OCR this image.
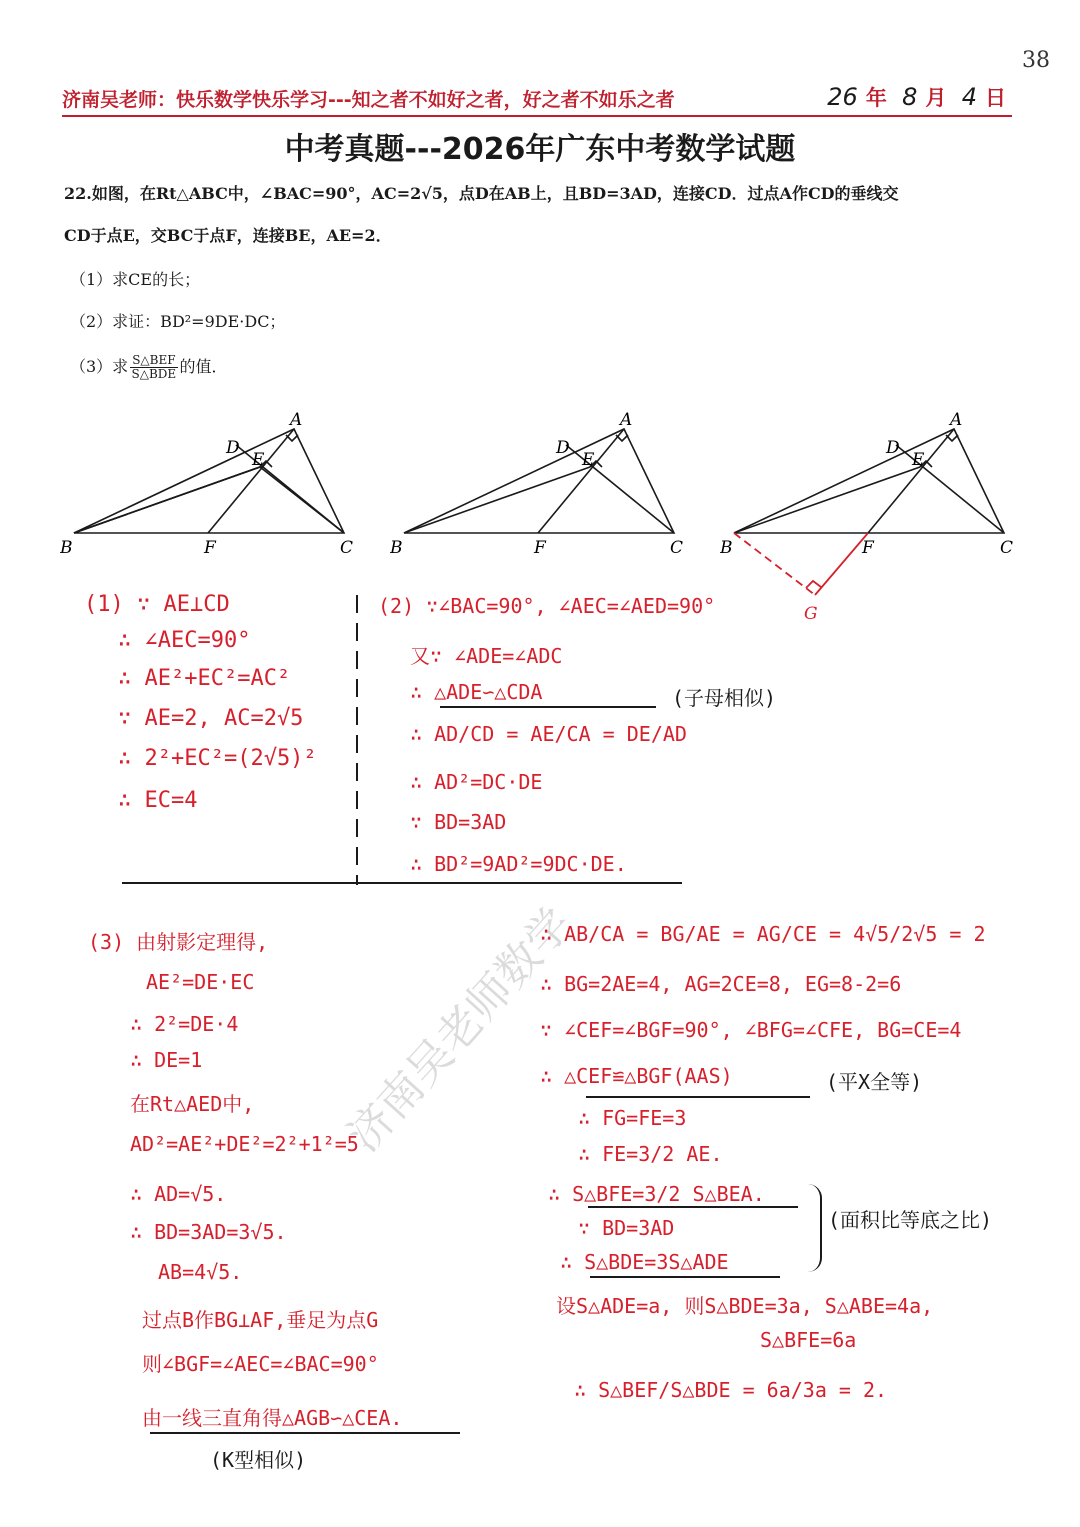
38
济南吴老师：快乐数学快乐学习---知之者不如好之者，好之者不如乐之者	26 年 8 月 4 日
中考真题---2026年广东中考数学试题
22.如图，在Rt△ABC中，∠BAC=90°，AC=2√5，点D在AB上，且BD=3AD，连接CD．过点A作CD的垂线交
CD于点E，交BC于点F，连接BE，AE=2．
（1）求CE的长；
（2）求证：BD²=9DE·DC；
（3）求 $\frac{\text{S△BEF}}{\text{S△BDE}}$ 的值．
B	F	C
A
D
E
B	F	C
A
D
E
B	F	C
A
D
E
G
(1) ∵ AE⊥CD
∴ ∠AEC=90°
∴ AE²+EC²=AC²
∵ AE=2, AC=2√5
∴ 2²+EC²=(2√5)²
∴ EC=4
(2) ∵∠BAC=90°, ∠AEC=∠AED=90°
又∵ ∠ADE=∠ADC
∴ △ADE∽△CDA	(子母相似)
∴ AD/CD = AE/CA = DE/AD
∴ AD²=DC·DE
∵ BD=3AD
∴ BD²=9AD²=9DC·DE.
(3) 由射影定理得,
AE²=DE·EC
∴ 2²=DE·4
∴ DE=1
在Rt△AED中,
AD²=AE²+DE²=2²+1²=5
∴ AD=√5.
∴ BD=3AD=3√5.
AB=4√5.
过点B作BG⊥AF,垂足为点G
则∠BGF=∠AEC=∠BAC=90°
由一线三直角得△AGB∽△CEA.
(K型相似)
∴ AB/CA = BG/AE = AG/CE = 4√5/2√5 = 2
∴ BG=2AE=4, AG=2CE=8, EG=8-2=6
∵ ∠CEF=∠BGF=90°, ∠BFG=∠CFE, BG=CE=4
∴ △CEF≌△BGF(AAS)	(平X全等)
∴ FG=FE=3
∴ FE=3/2 AE.
∴ S△BFE=3/2 S△BEA.
∵ BD=3AD
∴ S△BDE=3S△ADE
(面积比等底之比)
设S△ADE=a, 则S△BDE=3a, S△ABE=4a,
S△BFE=6a
∴ S△BEF/S△BDE = 6a/3a = 2.
济南吴老师数学
